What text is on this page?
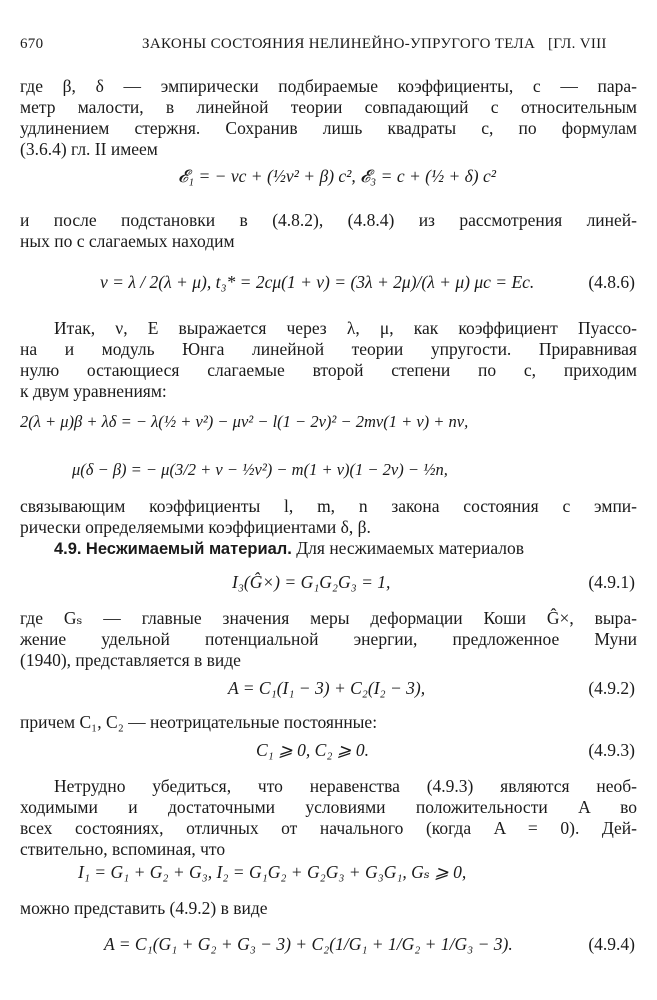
670	ЗАКОНЫ СОСТОЯНИЯ НЕЛИНЕЙНО-УПРУГОГО ТЕЛА [ГЛ. VIII
где β, δ — эмпирически подбираемые коэффициенты, c — пара-
метр малости, в линейной теории совпадающий с относительным
удлинением стержня. Сохранив лишь квадраты c, по формулам
(3.6.4) гл. II имеем
𝓔₁ = − νc + (½ν² + β) c², 𝓔₃ = c + (½ + δ) c²
и после подстановки в (4.8.2), (4.8.4) из рассмотрения линей-
ных по c слагаемых находим
ν = λ / 2(λ + μ), t₃* = 2cμ(1 + ν) = (3λ + 2μ)/(λ + μ) μc = Ec.	(4.8.6)
Итак, ν, E выражается через λ, μ, как коэффициент Пуассо-
на и модуль Юнга линейной теории упругости. Приравнивая
нулю остающиеся слагаемые второй степени по c, приходим
к двум уравнениям:
2(λ + μ)β + λδ = − λ(½ + ν²) − μν² − l(1 − 2ν)² − 2mν(1 + ν) + nν,
μ(δ − β) = − μ(3/2 + ν − ½ν²) − m(1 + ν)(1 − 2ν) − ½n,
связывающим коэффициенты l, m, n закона состояния с эмпи-
рически определяемыми коэффициентами δ, β.
4.9. Несжимаемый материал. Для несжимаемых материалов
I₃(Ĝ×) = G₁G₂G₃ = 1,	(4.9.1)
где Gₛ — главные значения меры деформации Коши Ĝ×, выра-
жение удельной потенциальной энергии, предложенное Муни
(1940), представляется в виде
A = C₁(I₁ − 3) + C₂(I₂ − 3),	(4.9.2)
причем C₁, C₂ — неотрицательные постоянные:
C₁ ⩾ 0, C₂ ⩾ 0.	(4.9.3)
Нетрудно убедиться, что неравенства (4.9.3) являются необ-
ходимыми и достаточными условиями положительности A во
всех состояниях, отличных от начального (когда A = 0). Дей-
ствительно, вспоминая, что
I₁ = G₁ + G₂ + G₃, I₂ = G₁G₂ + G₂G₃ + G₃G₁, Gₛ ⩾ 0,
можно представить (4.9.2) в виде
A = C₁(G₁ + G₂ + G₃ − 3) + C₂(1/G₁ + 1/G₂ + 1/G₃ − 3).	(4.9.4)
